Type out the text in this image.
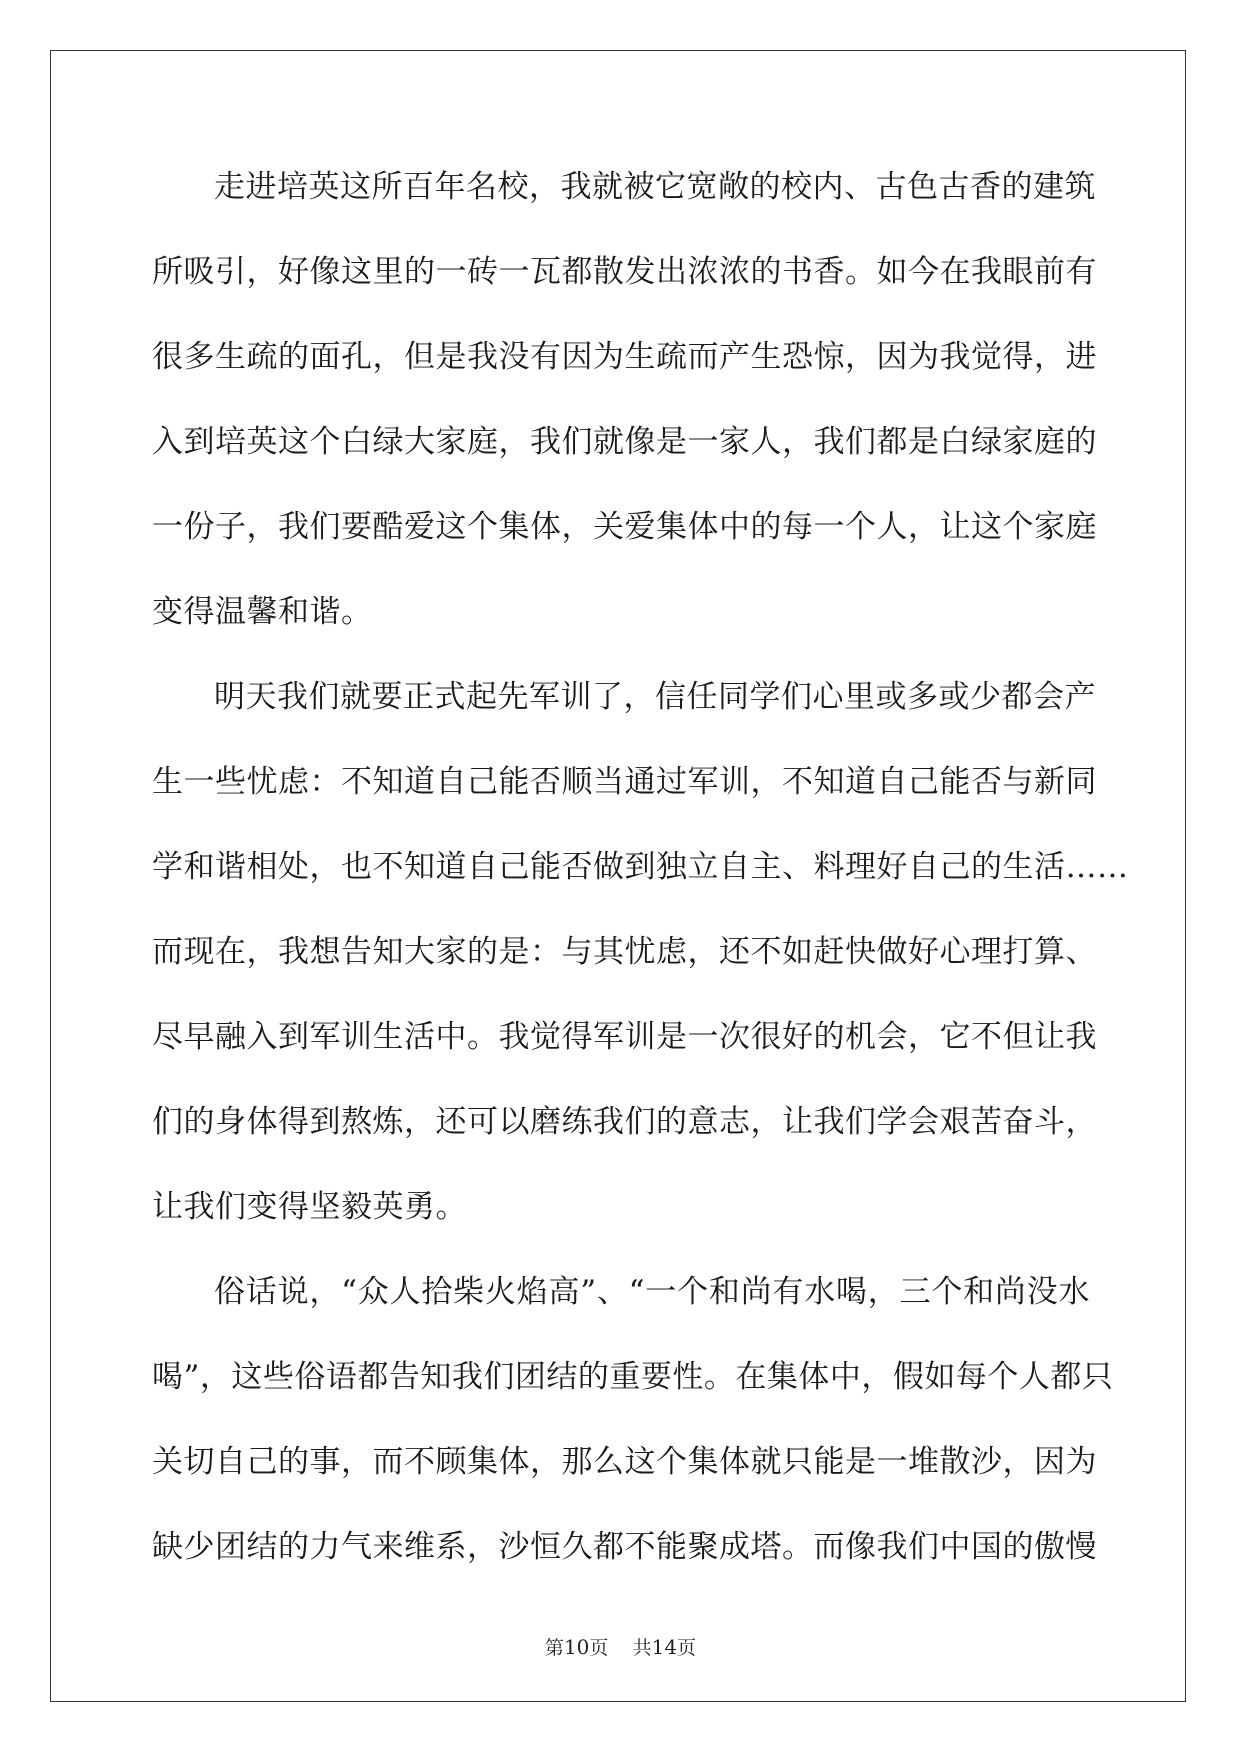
走进培英这所百年名校，我就被它宽敞的校内、古色古香的建筑
所吸引，好像这里的一砖一瓦都散发出浓浓的书香。如今在我眼前有
很多生疏的面孔，但是我没有因为生疏而产生恐惊，因为我觉得，进
入到培英这个白绿大家庭，我们就像是一家人，我们都是白绿家庭的
一份子，我们要酷爱这个集体，关爱集体中的每一个人，让这个家庭
变得温馨和谐。
明天我们就要正式起先军训了，信任同学们心里或多或少都会产
生一些忧虑：不知道自己能否顺当通过军训，不知道自己能否与新同
学和谐相处，也不知道自己能否做到独立自主、料理好自己的生活……
而现在，我想告知大家的是：与其忧虑，还不如赶快做好心理打算、
尽早融入到军训生活中。我觉得军训是一次很好的机会，它不但让我
们的身体得到熬炼，还可以磨练我们的意志，让我们学会艰苦奋斗，
让我们变得坚毅英勇。
俗话说，“众人拾柴火焰高”、“一个和尚有水喝，三个和尚没水
喝”，这些俗语都告知我们团结的重要性。在集体中，假如每个人都只
关切自己的事，而不顾集体，那么这个集体就只能是一堆散沙，因为
缺少团结的力气来维系，沙恒久都不能聚成塔。而像我们中国的傲慢
第10页 共14页
